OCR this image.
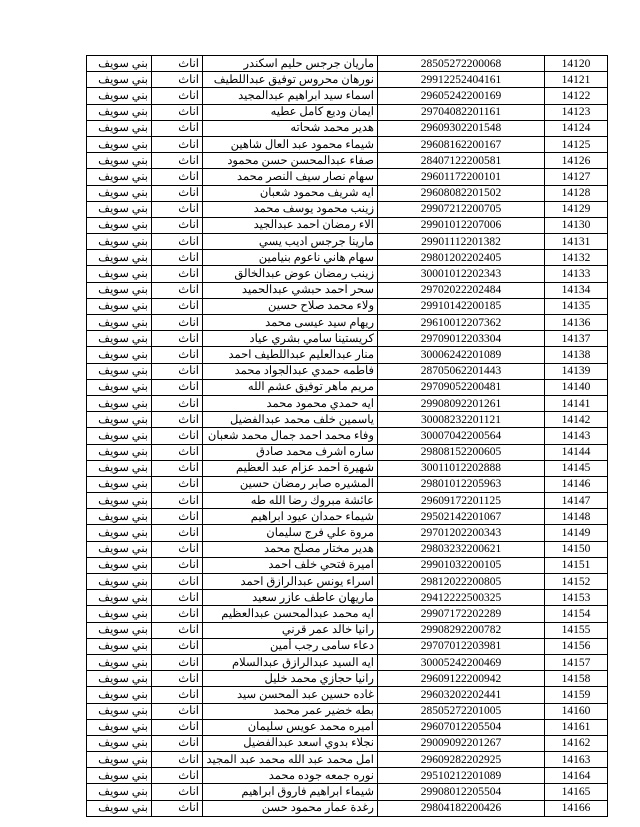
بني سويف	اناث	ماريان جرجس حليم اسكندر	28505272200068	14120
بني سويف	اناث	نورهان محروس توفيق عبداللطيف	29912252404161	14121
بني سويف	اناث	اسماء سيد ابراهيم عبدالمجيد	29605242200169	14122
بني سويف	اناث	ايمان وديع كامل عطيه	29704082201161	14123
بني سويف	اناث	هدير محمد شحاته	29609302201548	14124
بني سويف	اناث	شيماء محمود عبد العال شاهين	29608162200167	14125
بني سويف	اناث	صفاء عبدالمحسن حسن محمود	28407122200581	14126
بني سويف	اناث	سهام نصار سيف النصر محمد	29601172200101	14127
بني سويف	اناث	ايه شريف محمود شعبان	29608082201502	14128
بني سويف	اناث	زينب محمود يوسف محمد	29907212200705	14129
بني سويف	اناث	الاء رمضان احمد عبدالجيد	29901012207006	14130
بني سويف	اناث	مارينا جرجس اديب يسي	29901112201382	14131
بني سويف	اناث	سهام هاني ناعوم بنيامين	29801202202405	14132
بني سويف	اناث	زينب رمضان عوض عبدالخالق	30001012202343	14133
بني سويف	اناث	سحر احمد حبشي عبدالحميد	29702022202484	14134
بني سويف	اناث	ولاء محمد صلاح حسين	29910142200185	14135
بني سويف	اناث	ريهام سيد عيسى محمد	29610012207362	14136
بني سويف	اناث	كريستينا سامي بشري عياد	29709012203304	14137
بني سويف	اناث	منار عبدالعليم عبداللطيف احمد	30006242201089	14138
بني سويف	اناث	فاطمه حمدي عبدالجواد محمد	28705062201443	14139
بني سويف	اناث	مريم ماهر توفيق عشم الله	29709052200481	14140
بني سويف	اناث	ايه حمدي محمود محمد	29908092201261	14141
بني سويف	اناث	ياسمين خلف محمد عبدالفضيل	30008232201121	14142
بني سويف	اناث	وفاء محمد احمد جمال محمد شعبان	30007042200564	14143
بني سويف	اناث	ساره اشرف محمد صادق	29808152200605	14144
بني سويف	اناث	شهيرة احمد عزام عبد العظيم	30011012202888	14145
بني سويف	اناث	المشيره صابر رمضان حسين	29801012205963	14146
بني سويف	اناث	عائشة مبروك رضا الله طه	29609172201125	14147
بني سويف	اناث	شيماء حمدان عيود ابراهيم	29502142201067	14148
بني سويف	اناث	مروة علي فرج سليمان	29701202200343	14149
بني سويف	اناث	هدير مختار مصلح محمد	29803232200621	14150
بني سويف	اناث	اميرة فتحي خلف احمد	29901032200105	14151
بني سويف	اناث	اسراء يونس عبدالرازق احمد	29812022200805	14152
بني سويف	اناث	ماريهان عاطف عازر سعيد	29412222500325	14153
بني سويف	اناث	ايه محمد عبدالمحسن عبدالعظيم	29907172202289	14154
بني سويف	اناث	رانيا خالد عمر قرني	29908292200782	14155
بني سويف	اناث	دعاء سامى رجب أمين	29707012203981	14156
بني سويف	اناث	ايه السيد عبدالرازق عبدالسلام	30005242200469	14157
بني سويف	اناث	رانيا حجازي محمد خليل	29609122200942	14158
بني سويف	اناث	غاده حسين عبد المحسن سيد	29603202202441	14159
بني سويف	اناث	بطه خضير عمر محمد	28505272201005	14160
بني سويف	اناث	اميره محمد عويس سليمان	29607012205504	14161
بني سويف	اناث	نجلاء بدوي اسعد عبدالفضيل	29009092201267	14162
بني سويف	اناث	امل محمد عبد الله محمد عبد المجيد	29609282202925	14163
بني سويف	اناث	نوره جمعه جوده محمد	29510212201089	14164
بني سويف	اناث	شيماء ابراهيم فاروق ابراهيم	29908012205504	14165
بني سويف	اناث	رغدة عمار محمود حسن	29804182200426	14166
